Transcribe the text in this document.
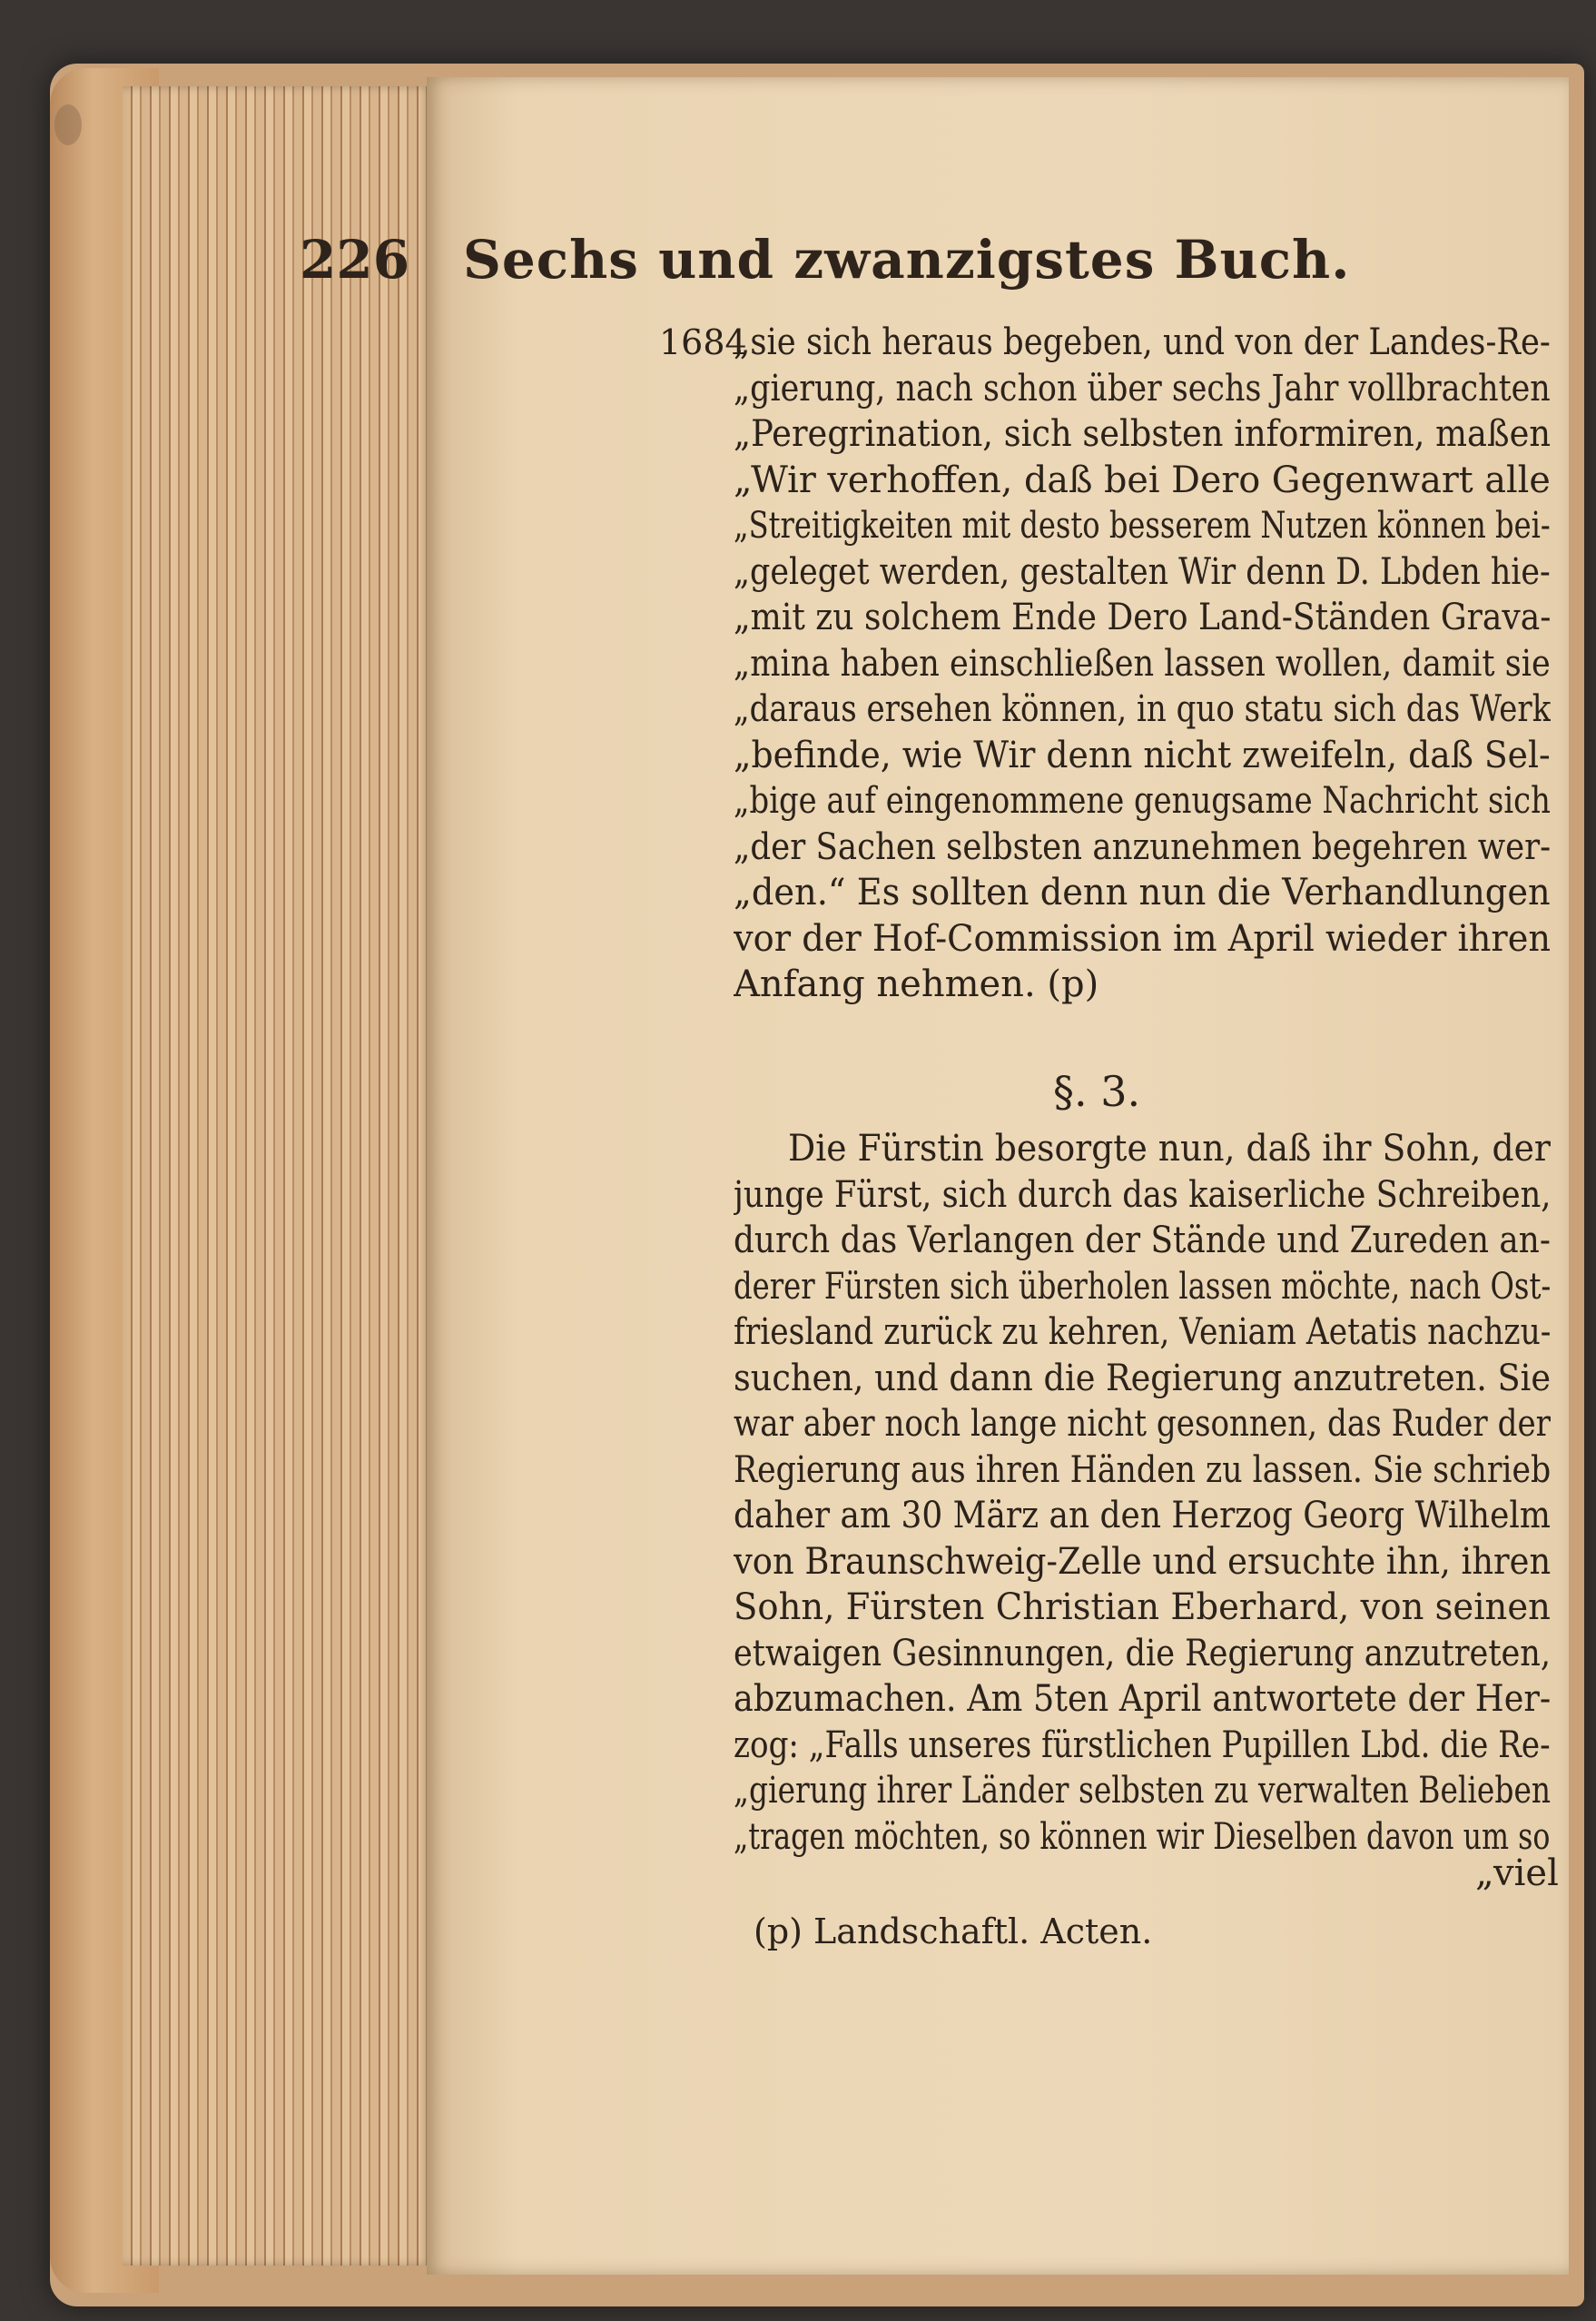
226	Sechs und zwanzigstes Buch.
1684
„sie sich heraus begeben, und von der Landes-Re-
„gierung, nach schon über sechs Jahr vollbrachten
„Peregrination, sich selbsten informiren, maßen
„Wir verhoffen, daß bei Dero Gegenwart alle
„Streitigkeiten mit desto besserem Nutzen können bei-
„geleget werden, gestalten Wir denn D. Lbden hie-
„mit zu solchem Ende Dero Land-Ständen Grava-
„mina haben einschließen lassen wollen, damit sie
„daraus ersehen können, in quo statu sich das Werk
„befinde, wie Wir denn nicht zweifeln, daß Sel-
„bige auf eingenommene genugsame Nachricht sich
„der Sachen selbsten anzunehmen begehren wer-
„den.“ Es sollten denn nun die Verhandlungen
vor der Hof-Commission im April wieder ihren
Anfang nehmen. (p)
§. 3.
Die Fürstin besorgte nun, daß ihr Sohn, der
junge Fürst, sich durch das kaiserliche Schreiben,
durch das Verlangen der Stände und Zureden an-
derer Fürsten sich überholen lassen möchte, nach Ost-
friesland zurück zu kehren, Veniam Aetatis nachzu-
suchen, und dann die Regierung anzutreten. Sie
war aber noch lange nicht gesonnen, das Ruder der
Regierung aus ihren Händen zu lassen. Sie schrieb
daher am 30 März an den Herzog Georg Wilhelm
von Braunschweig-Zelle und ersuchte ihn, ihren
Sohn, Fürsten Christian Eberhard, von seinen
etwaigen Gesinnungen, die Regierung anzutreten,
abzumachen. Am 5ten April antwortete der Her-
zog: „Falls unseres fürstlichen Pupillen Lbd. die Re-
„gierung ihrer Länder selbsten zu verwalten Belieben
„tragen möchten, so können wir Dieselben davon um so
„viel
(p) Landschaftl. Acten.
